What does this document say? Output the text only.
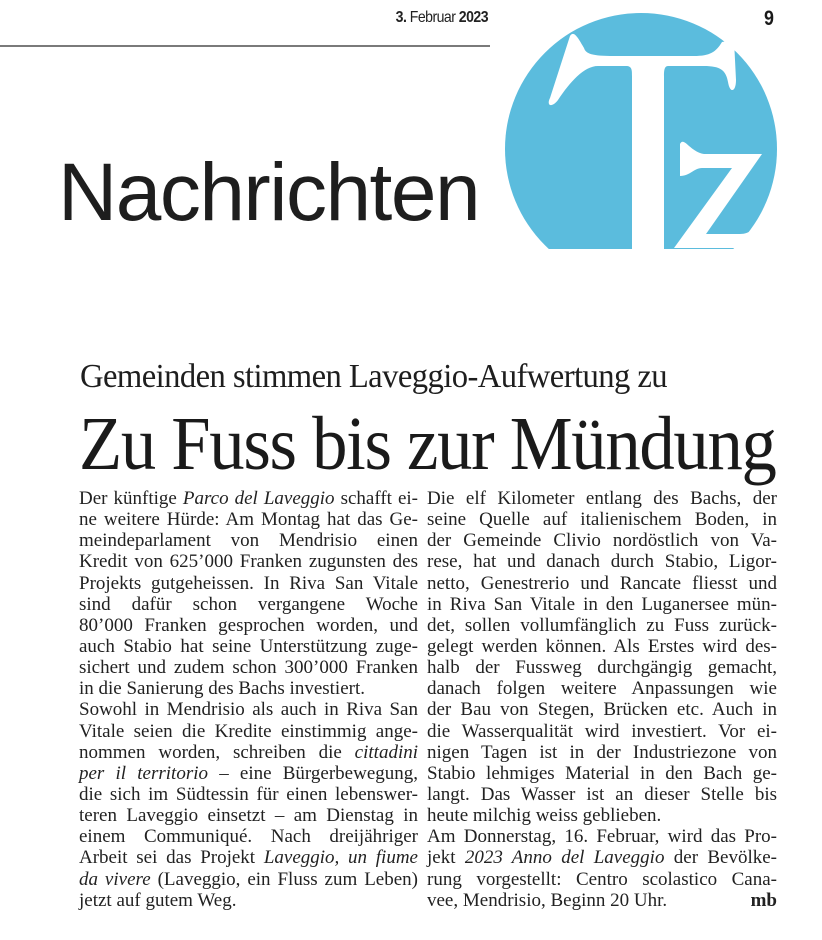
3. Februar 2023	9
Nachrichten
Gemeinden stimmen Laveggio-Aufwertung zu
Zu Fuss bis zur Mündung
Der künftige Parco del Laveggio schafft ei-
ne weitere Hürde: Am Montag hat das Ge-
meindeparlament von Mendrisio einen
Kredit von 625’000 Franken zugunsten des
Projekts gutgeheissen. In Riva San Vitale
sind dafür schon vergangene Woche
80’000 Franken gesprochen worden, und
auch Stabio hat seine Unterstützung zuge-
sichert und zudem schon 300’000 Franken
in die Sanierung des Bachs investiert.
Sowohl in Mendrisio als auch in Riva San
Vitale seien die Kredite einstimmig ange-
nommen worden, schreiben die cittadini
per il territorio – eine Bürgerbewegung,
die sich im Südtessin für einen lebenswer-
teren Laveggio einsetzt – am Dienstag in
einem Communiqué. Nach dreijähriger
Arbeit sei das Projekt Laveggio, un fiume
da vivere (Laveggio, ein Fluss zum Leben)
jetzt auf gutem Weg.
Die elf Kilometer entlang des Bachs, der
seine Quelle auf italienischem Boden, in
der Gemeinde Clivio nordöstlich von Va-
rese, hat und danach durch Stabio, Ligor-
netto, Genestrerio und Rancate fliesst und
in Riva San Vitale in den Luganersee mün-
det, sollen vollumfänglich zu Fuss zurück-
gelegt werden können. Als Erstes wird des-
halb der Fussweg durchgängig gemacht,
danach folgen weitere Anpassungen wie
der Bau von Stegen, Brücken etc. Auch in
die Wasserqualität wird investiert. Vor ei-
nigen Tagen ist in der Industriezone von
Stabio lehmiges Material in den Bach ge-
langt. Das Wasser ist an dieser Stelle bis
heute milchig weiss geblieben.
Am Donnerstag, 16. Februar, wird das Pro-
jekt 2023 Anno del Laveggio der Bevölke-
rung vorgestellt: Centro scolastico Cana-
vee, Mendrisio, Beginn 20 Uhr.	mb
